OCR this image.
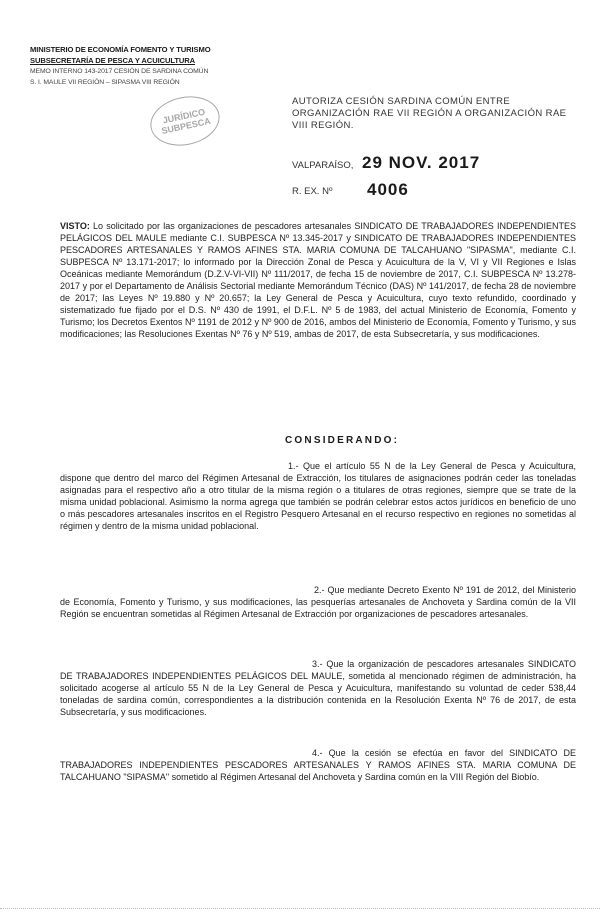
MINISTERIO DE ECONOMÍA FOMENTO Y TURISMO
SUBSECRETARÍA DE PESCA Y ACUICULTURA
MEMO INTERNO 143-2017 CESIÓN DE SARDINA COMÚN
S. I. MAULE VII REGIÓN – SIPASMA VIII REGIÓN
JURÍDICO
SUBPESCA
AUTORIZA CESIÓN SARDINA COMÚN ENTRE ORGANIZACIÓN RAE VII REGIÓN A ORGANIZACIÓN RAE VIII REGIÓN.
VALPARAÍSO, 29 NOV. 2017
R. EX. Nº 4006
VISTO: Lo solicitado por las organizaciones de pescadores artesanales SINDICATO DE TRABAJADORES INDEPENDIENTES PELÁGICOS DEL MAULE mediante C.I. SUBPESCA Nº 13.345-2017 y SINDICATO DE TRABAJADORES INDEPENDIENTES PESCADORES ARTESANALES Y RAMOS AFINES STA. MARIA COMUNA DE TALCAHUANO "SIPASMA", mediante C.I. SUBPESCA Nº 13.171-2017; lo informado por la Dirección Zonal de Pesca y Acuicultura de la V, VI y VII Regiones e Islas Oceánicas mediante Memorándum (D.Z.V-VI-VII) Nº 111/2017, de fecha 15 de noviembre de 2017, C.I. SUBPESCA Nº 13.278-2017 y por el Departamento de Análisis Sectorial mediante Memorándum Técnico (DAS) Nº 141/2017, de fecha 28 de noviembre de 2017; las Leyes Nº 19.880 y Nº 20.657; la Ley General de Pesca y Acuicultura, cuyo texto refundido, coordinado y sistematizado fue fijado por el D.S. Nº 430 de 1991, el D.F.L. Nº 5 de 1983, del actual Ministerio de Economía, Fomento y Turismo; los Decretos Exentos Nº 1191 de 2012 y Nº 900 de 2016, ambos del Ministerio de Economía, Fomento y Turismo, y sus modificaciones; las Resoluciones Exentas Nº 76 y Nº 519, ambas de 2017, de esta Subsecretaría, y sus modificaciones.
CONSIDERANDO:
1.- Que el artículo 55 N de la Ley General de Pesca y Acuicultura, dispone que dentro del marco del Régimen Artesanal de Extracción, los titulares de asignaciones podrán ceder las toneladas asignadas para el respectivo año a otro titular de la misma región o a titulares de otras regiones, siempre que se trate de la misma unidad poblacional. Asimismo la norma agrega que también se podrán celebrar estos actos jurídicos en beneficio de uno o más pescadores artesanales inscritos en el Registro Pesquero Artesanal en el recurso respectivo en regiones no sometidas al régimen y dentro de la misma unidad poblacional.
2.- Que mediante Decreto Exento Nº 191 de 2012, del Ministerio de Economía, Fomento y Turismo, y sus modificaciones, las pesquerías artesanales de Anchoveta y Sardina común de la VII Región se encuentran sometidas al Régimen Artesanal de Extracción por organizaciones de pescadores artesanales.
3.- Que la organización de pescadores artesanales SINDICATO DE TRABAJADORES INDEPENDIENTES PELÁGICOS DEL MAULE, sometida al mencionado régimen de administración, ha solicitado acogerse al artículo 55 N de la Ley General de Pesca y Acuicultura, manifestando su voluntad de ceder 538,44 toneladas de sardina común, correspondientes a la distribución contenida en la Resolución Exenta Nº 76 de 2017, de esta Subsecretaría, y sus modificaciones.
4.- Que la cesión se efectúa en favor del SINDICATO DE TRABAJADORES INDEPENDIENTES PESCADORES ARTESANALES Y RAMOS AFINES STA. MARIA COMUNA DE TALCAHUANO "SIPASMA" sometido al Régimen Artesanal del Anchoveta y Sardina común en la VIII Región del Biobío.
